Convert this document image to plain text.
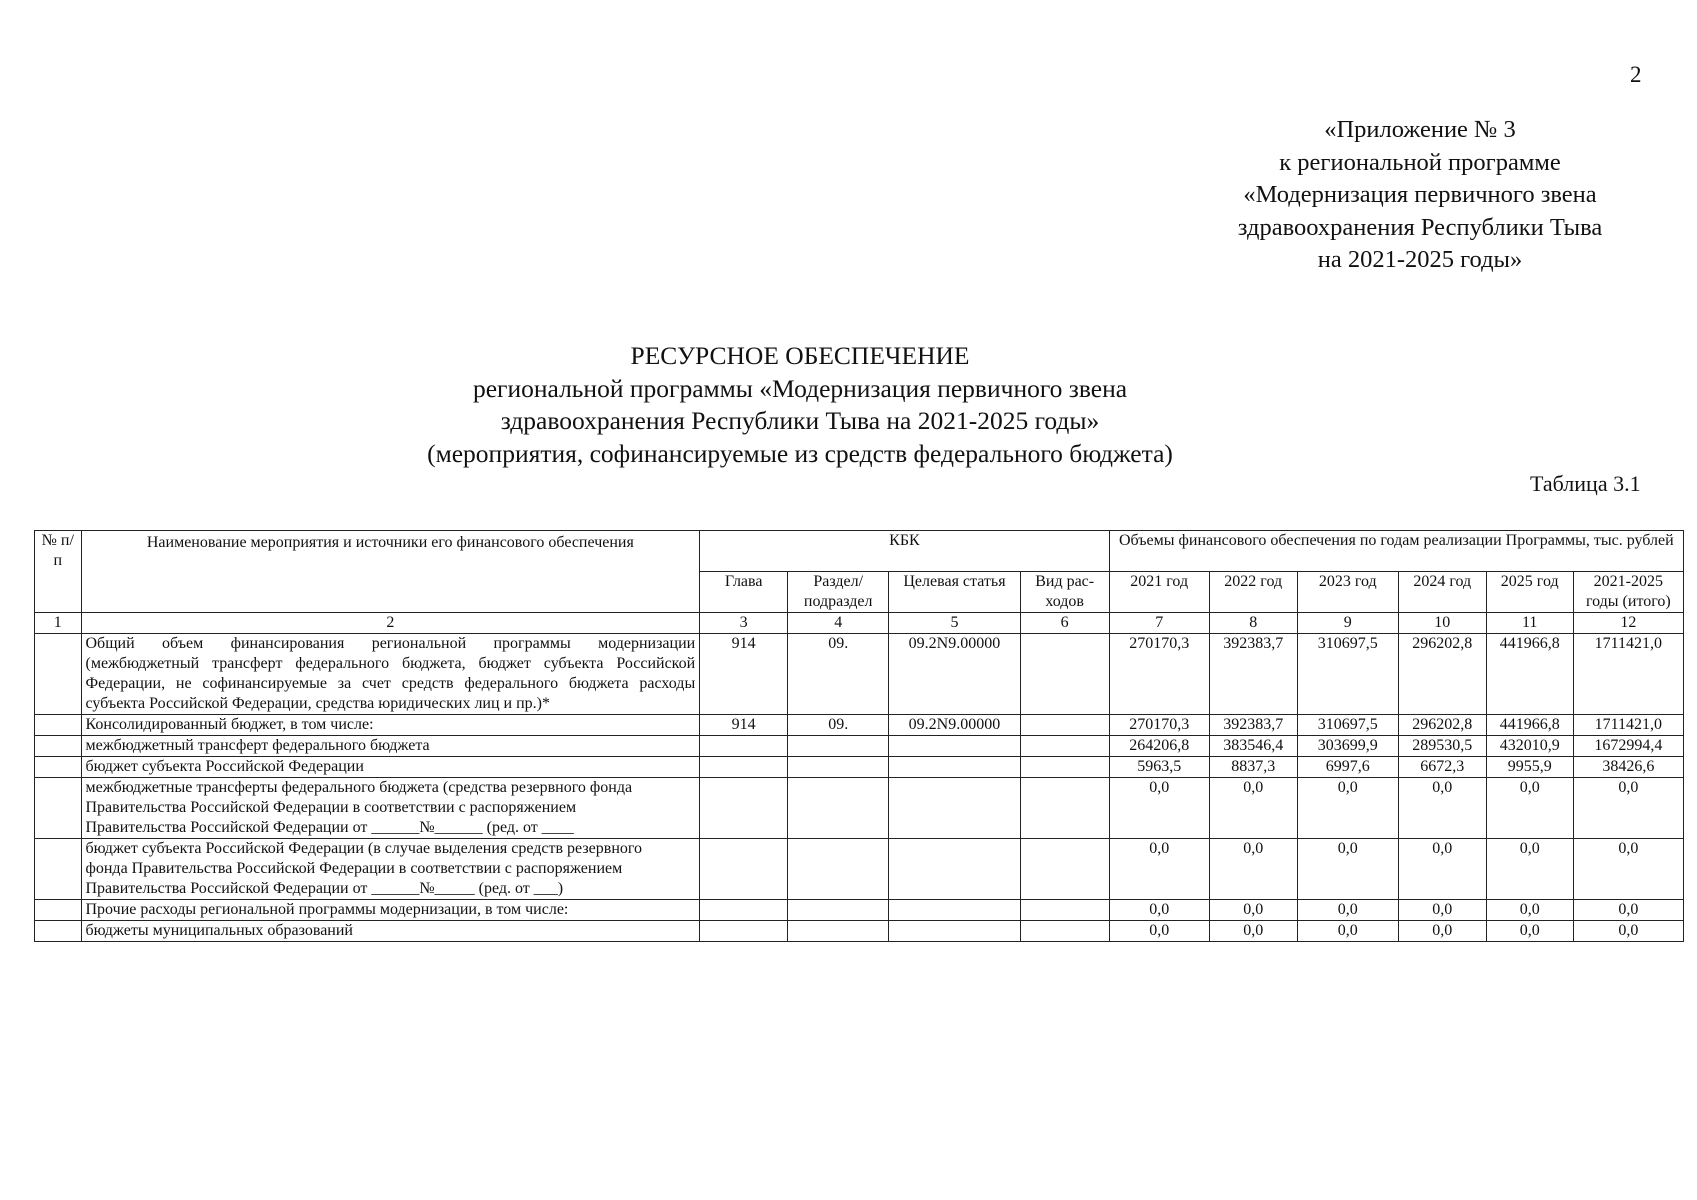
2
«Приложение № 3
к региональной программе
«Модернизация первичного звена
здравоохранения Республики Тыва
на 2021-2025 годы»
РЕСУРСНОЕ ОБЕСПЕЧЕНИЕ
региональной программы «Модернизация первичного звена
здравоохранения Республики Тыва на 2021-2025 годы»
(мероприятия, софинансируемые из средств федерального бюджета)
Таблица 3.1
№ п/п	Наименование мероприятия и источники его финансового обеспечения	КБК				Объемы финансового обеспечения по годам реализации Программы, тыс. рублей					
		Глава	Раздел/ подраздел	Целевая статья	Вид рас-ходов	2021 год	2022 год	2023 год	2024 год	2025 год	2021-2025 годы (итого)
1	2	3	4	5	6	7	8	9	10	11	12
	Общий объем финансирования региональной программы модернизации (межбюджетный трансферт федерального бюджета, бюджет субъекта Российской Федерации, не софинансируемые за счет средств федерального бюджета расходы субъекта Российской Федерации, средства юридических лиц и пр.)*	914	09.	09.2N9.00000		270170,3	392383,7	310697,5	296202,8	441966,8	1711421,0
	Консолидированный бюджет, в том числе:	914	09.	09.2N9.00000		270170,3	392383,7	310697,5	296202,8	441966,8	1711421,0
	межбюджетный трансферт федерального бюджета					264206,8	383546,4	303699,9	289530,5	432010,9	1672994,4
	бюджет субъекта Российской Федерации					5963,5	8837,3	6997,6	6672,3	9955,9	38426,6
	межбюджетные трансферты федерального бюджета (средства резервного фонда Правительства Российской Федерации в соответствии с распоряжением Правительства Российской Федерации от ______№______ (ред. от ____					0,0	0,0	0,0	0,0	0,0	0,0
	бюджет субъекта Российской Федерации (в случае выделения средств резервного фонда Правительства Российской Федерации в соответствии с распоряжением Правительства Российской Федерации от ______№_____ (ред. от ___)					0,0	0,0	0,0	0,0	0,0	0,0
	Прочие расходы региональной программы модернизации, в том числе:					0,0	0,0	0,0	0,0	0,0	0,0
	бюджеты муниципальных образований					0,0	0,0	0,0	0,0	0,0	0,0
